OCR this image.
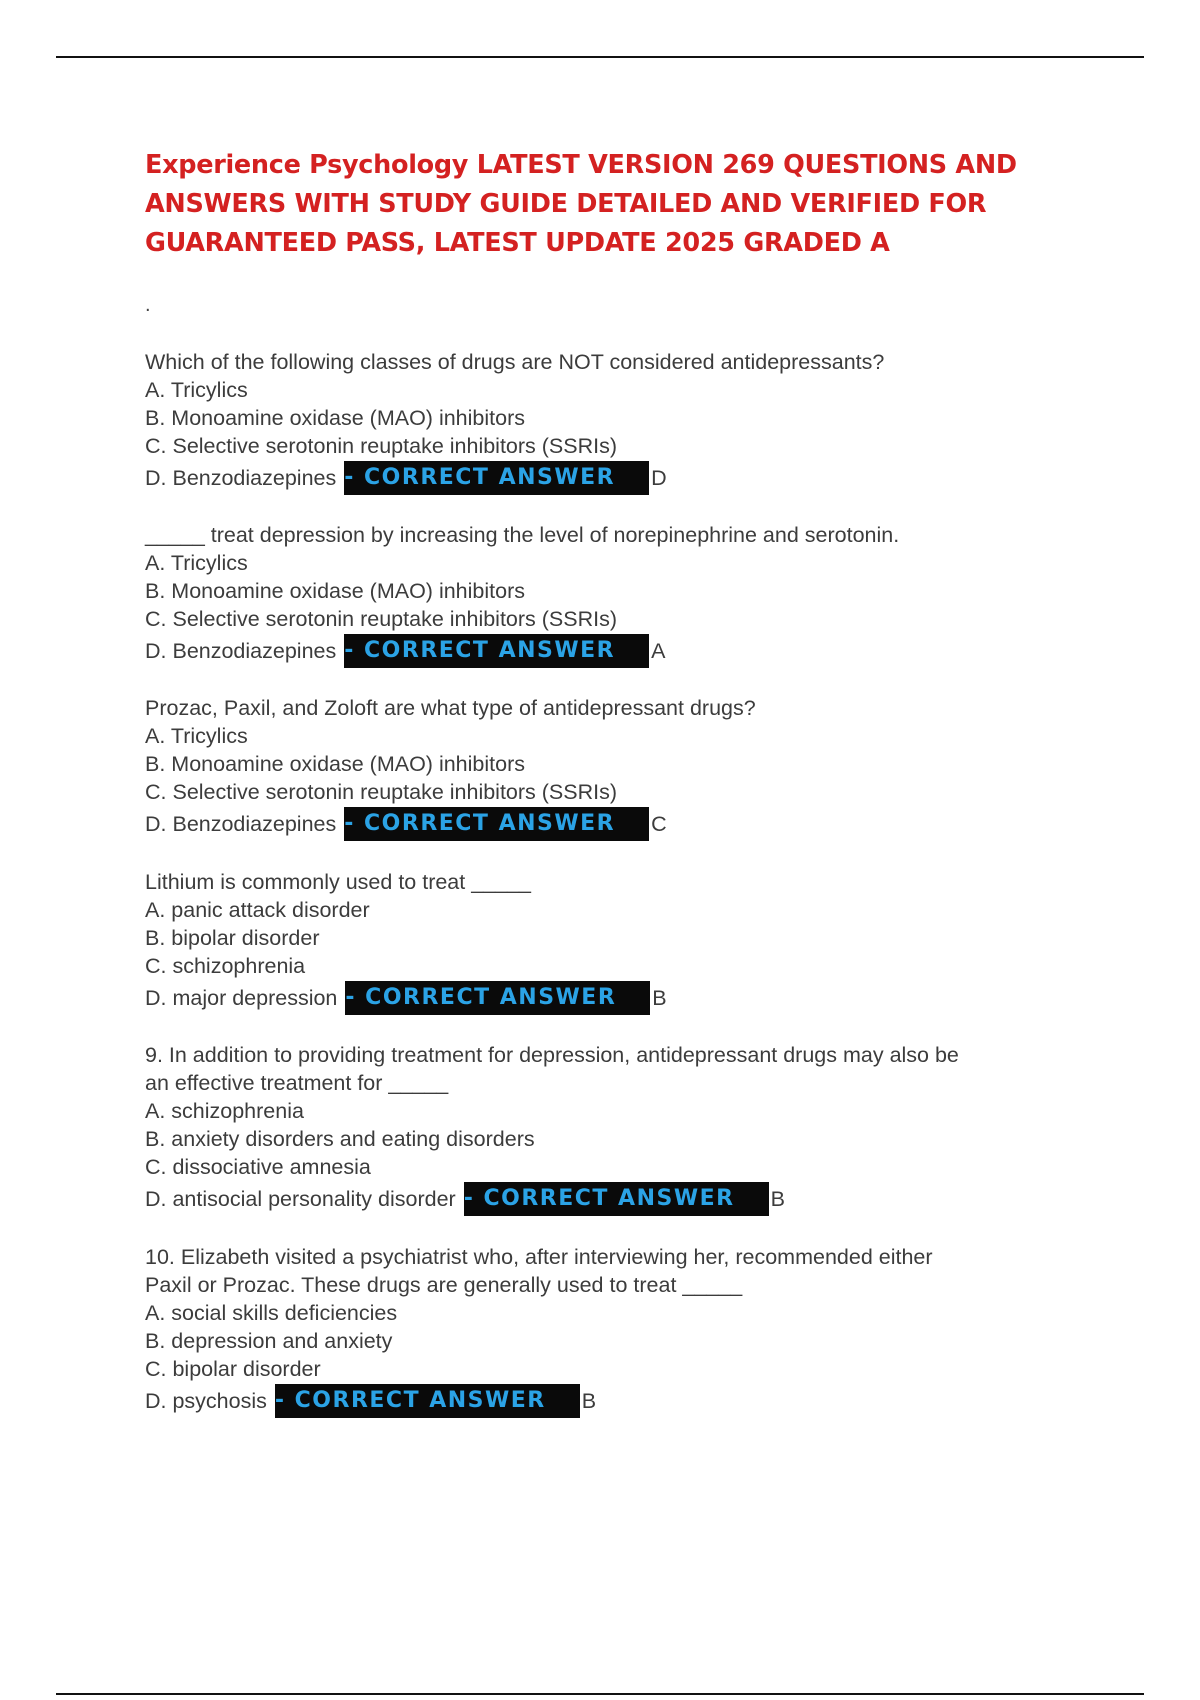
Experience Psychology LATEST VERSION 269 QUESTIONS AND
ANSWERS WITH STUDY GUIDE DETAILED AND VERIFIED FOR
GUARANTEED PASS, LATEST UPDATE 2025 GRADED A
.
Which of the following classes of drugs are NOT considered antidepressants?
A. Tricylics
B. Monoamine oxidase (MAO) inhibitors
C. Selective serotonin reuptake inhibitors (SSRIs)
D. Benzodiazepines - CORRECT ANSWER	D
_____ treat depression by increasing the level of norepinephrine and serotonin.
A. Tricylics
B. Monoamine oxidase (MAO) inhibitors
C. Selective serotonin reuptake inhibitors (SSRIs)
D. Benzodiazepines - CORRECT ANSWER	A
Prozac, Paxil, and Zoloft are what type of antidepressant drugs?
A. Tricylics
B. Monoamine oxidase (MAO) inhibitors
C. Selective serotonin reuptake inhibitors (SSRIs)
D. Benzodiazepines - CORRECT ANSWER	C
Lithium is commonly used to treat _____
A. panic attack disorder
B. bipolar disorder
C. schizophrenia
D. major depression - CORRECT ANSWER	B
9. In addition to providing treatment for depression, antidepressant drugs may also be
an effective treatment for _____
A. schizophrenia
B. anxiety disorders and eating disorders
C. dissociative amnesia
D. antisocial personality disorder - CORRECT ANSWER	B
10. Elizabeth visited a psychiatrist who, after interviewing her, recommended either
Paxil or Prozac. These drugs are generally used to treat _____
A. social skills deficiencies
B. depression and anxiety
C. bipolar disorder
D. psychosis - CORRECT ANSWER	B
